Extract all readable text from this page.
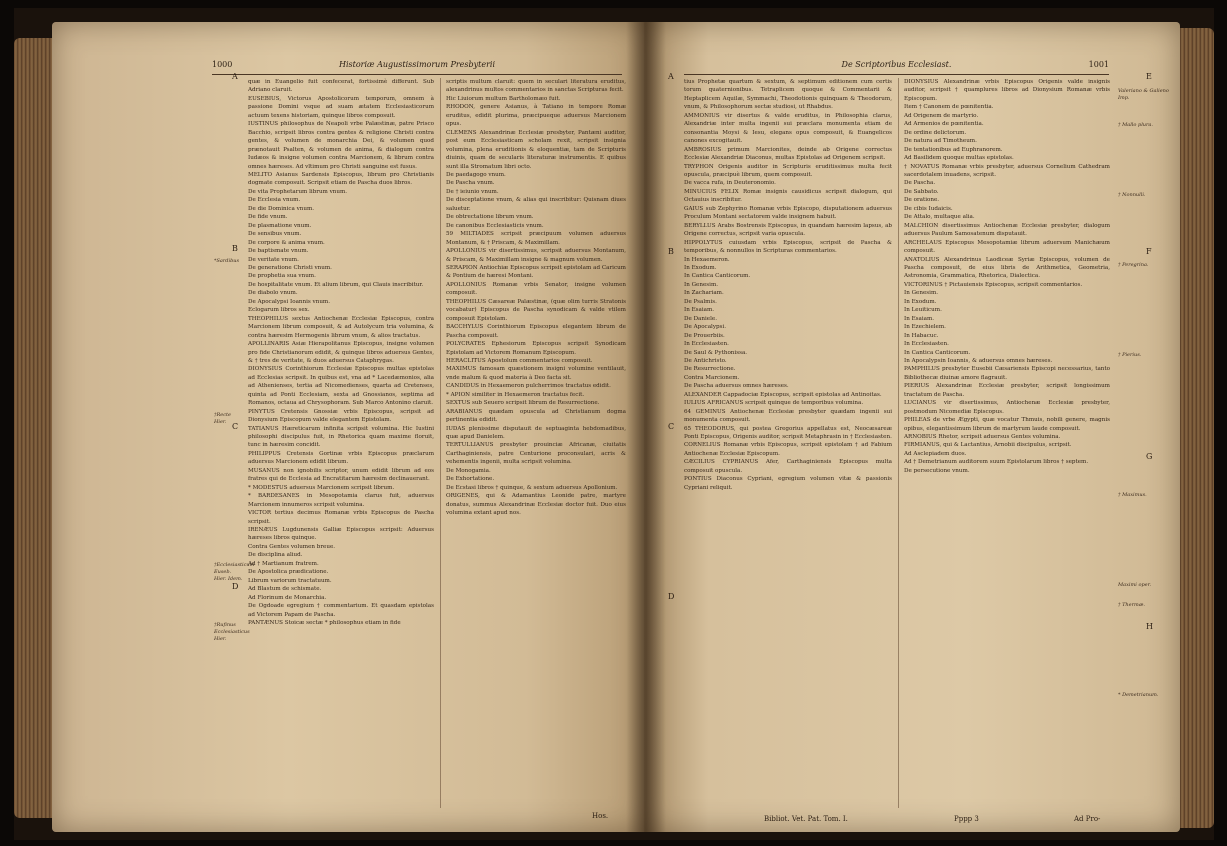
1000	Historiæ Augustissimorum Presbyterii
A
B
C
D
*Sardibus
†Recte Hier.
†Ecclesiasticum Euseb. Hier. Idem.
†Rufinus Ecclesiasticus Hier.

quæ in Euangelio fuit confecerat, fortissimè differunt. Sub Adriano claruit.

EUSEBIUS, Victorus Apostolicorum temporum, omnem à passione Domini vsque ad suam ætatem Ecclesiasticorum actuum texens historiam, quinque libros composuit.

IUSTINUS philosophus de Neapoli vrbe Palæstinæ, patre Prisco Bacchio, scripsit libros contra gentes & religione Christi contra gentes, & volumen de monarchia Dei, & volumen quod prænotauit Psalten, & volumen de anima, & dialogum contra Iudæos & insigne volumen contra Marcionem, & librum contra omnes hæreses. Ad vltimum pro Christi sanguine est fusus.

MELITO Asianus Sardensis Episcopus, librum pro Christianis dogmate composuit. Scripsit etiam de Pascha duos libros.

De vita Prophetarum librum vnum.

De Ecclesia vnum.

De die Dominica vnum.

De fide vnum.

De plasmatione vnum.

De sensibus vnum.

De corpore & anima vnum.

De baptismate vnum.

De veritate vnum.

De generatione Christi vnum.

De prophetia sua vnum.

De hospitalitate vnum. Et alium librum, qui Clauis inscribitur.

De diabolo vnum.

De Apocalypsi Ioannis vnum.

Eclogarum libros sex.

THEOPHILUS sextus Antiochenæ Ecclesiæ Episcopus, contra Marcionem librum composuit, & ad Autolycum tria volumina, & contra hæresim Hermogenis librum vnum, & alios tractatus.

APOLLINARIS Asiæ Hierapolitanus Episcopus, insigne volumen pro fide Christianorum edidit, & quinque libros aduersus Gentes, & † tres de veritate, & duos aduersus Cataphrygas.

DIONYSIUS Corinthiorum Ecclesiæ Episcopus multas epistolas ad Ecclesias scripsit. In quibus est, vna ad * Lacedæmonios, alia ad Athenienses, tertia ad Nicomedienses, quarta ad Cretenses, quinta ad Ponti Ecclesiam, sexta ad Gnossianos, septima ad Romanos, octaua ad Chrysophoram. Sub Marco Antonino claruit.

PINYTUS Cretensis Gnossiæ vrbis Episcopus, scripsit ad Dionysium Episcopum valde elegantem Epistolam.

TATIANUS Hæreticarum infinita scripsit volumina. Hic Iustini philosophi discipulus fuit, in Rhetorica quam maxime floruit, tunc in hæresim concidit.

PHILIPPUS Cretensis Gortinæ vrbis Episcopus præclarum aduersus Marcionem edidit librum.

MUSANUS non ignobilis scriptor, unum edidit librum ad eos fratres qui de Ecclesia ad Encratitarum hæresim declinauerant.

* MODESTUS aduersus Marcionem scripsit librum.

* BARDESANES in Mesopotamia clarus fuit, aduersus Marcionem innumeros scripsit volumina.

VICTOR tertius decimus Romanæ vrbis Episcopus de Pascha scripsit.

IRENÆUS Lugdunensis Galliæ Episcopus scripsit: Aduersus hæreses libros quinque.

Contra Gentes volumen breue.

De disciplina aliud.

Ad † Martianum fratrem.

De Apostolica prædicatione.

Librum variorum tractatuum.

Ad Blastum de schismate.

Ad Florinum de Monarchia.

De Ogdoade egregium † commentarium. Et quasdam epistolas ad Victorem Papam de Pascha.

PANTÆNUS Stoicæ sectæ * philosophus etiam in fide

scriptis multum claruit: quem in seculari literatura eruditus, alexandrinus multos commentarios in sanctas Scripturas fecit.

Hic Liuiorum multum Bartholomæo fuit.

RHODON, genere Asianus, à Tatiano in tempore Romæ eruditus, edidit plurima, præcipueque aduersus Marcionem opus.

CLEMENS Alexandrinæ Ecclesiæ presbyter, Pantæni auditor, post eum Ecclesiasticam scholam rexit, scripsit insignia volumina, plena eruditionis & eloquentiæ, tam de Scripturis diuinis, quam de secularis literaturæ instrumentis. E quibus sunt illa Stromatum libri octo.

De paedagogo vnum.

De Pascha vnum.

De † ieiunio vnum.

De disceptatione vnum, & alias qui inscribitur: Quisnam diues saluetur.

De obtrectatione librum vnum.

De canonibus Ecclesiasticis vnum.

59 MILTIADES scripsit præcipuum volumen aduersus Montanum, & † Priscam, & Maximillam.

APOLLONIUS vir disertissimus, scripsit aduersus Montanum, & Priscam, & Maximillam insigne & magnum volumen.

SERAPION Antiochiæ Episcopus scripsit epistolam ad Caricum & Pontium de hæresi Montani.

APOLLONIUS Romanæ vrbis Senator, insigne volumen composuit.

THEOPHILUS Cæsareæ Palæstinæ, (quæ olim turris Stratonis vocabatur) Episcopus de Pascha synodicam & valde vtilem composuit Epistolam.

BACCHYLUS Corinthiorum Episcopus elegantem librum de Pascha composuit.

POLYCRATES Ephesiorum Episcopus scripsit Synodicam Epistolam ad Victorem Romanum Episcopum.

HERACLITUS Apostolum commentarios composuit.

MAXIMUS famosam quæstionem insigni volumine ventilauit, vnde malum & quod materia à Deo facta sit.

CANDIDUS in Hexaemeron pulcherrimos tractatus edidit.

* APION similiter in Hexaemeron tractatus fecit.

SEXTUS sub Seuero scripsit librum de Resurrectione.

ARABIANUS quædam opuscula ad Christianum dogma pertinentia edidit.

IUDAS plenissime disputauit de septuaginta hebdomadibus, quæ apud Danielem.

TERTULLIANUS presbyter prouinciæ Africanæ, ciuitatis Carthaginiensis, patre Centurione proconsulari, acris & vehementis ingenii, multa scripsit volumina.

De Monogamia.

De Exhortatione.

De Ecstasi libros † quinque, & sextum aduersus Apollonium.

ORIGENES, qui & Adamantius Leonide patre, martyre donatus, summus Alexandrinæ Ecclesiæ doctor fuit. Duo eius volumina extant apud nos.

Hos.
De Scriptoribus Ecclesiast.	1001
A
B
C
D
E
F
G
H
Valeriano & Galieno Imp.
† Mallo plura.
† Nonnulli.
† Peregrina.
† Pierius.
† Maximus.
† Thermæ.
Maximi oper.
* Demetrianum.

tius Prophetæ quartum & sextum, & septimum editionem cum certis torum quaternionibus. Tetraplicem quoque & Commentarii & Heptaplicem Aquilæ, Symmachi, Theodotionis quinquam & Theodorum, vnum, & Philosophorum sectæ studiosi, ut Rhabdus.

AMMONIUS vir disertus & valde eruditus, in Philosophia clarus, Alexandriæ inter multa ingenii sui præclara monumenta etiam de consonantia Moysi & Iesu, elegans opus composuit, & Euangelicos canones excogitauit.

AMBROSIUS primum Marcionites, deinde ab Origene correctus Ecclesiæ Alexandriæ Diaconus, multas Epistolas ad Origenem scripsit.

TRYPHON Origenis auditor in Scripturis eruditissimus multa fecit opuscula, præcipuè librum, quem composuit.

De vacca rufa, in Deuteronomio.

MINUCIUS FELIX Romæ insignis causidicus scripsit dialogum, qui Octauius inscribitur.

GAIUS sub Zephyrino Romanæ vrbis Episcopo, disputationem aduersus Proculum Montani sectatorem valde insignem habuit.

BERYLLUS Arabs Bostrensis Episcopus, in quandam hæresim lapsus, ab Origene correctus, scripsit varia opuscula.

HIPPOLYTUS cuiusdam vrbis Episcopus, scripsit de Pascha & temporibus, & nonnullos in Scripturas commentarios.

In Hexaemeron.

In Exodum.

In Cantica Canticorum.

In Genesim.

In Zachariam.

De Psalmis.

In Esaiam.

De Daniele.

De Apocalypsi.

De Prouerbiis.

In Ecclesiasten.

De Saul & Pythonissa.

De Antichristo.

De Resurrectione.

Contra Marcionem.

De Pascha aduersus omnes hæreses.

ALEXANDER Cappadociæ Episcopus, scripsit epistolas ad Antinoitas.

IULIUS AFRICANUS scripsit quinque de temporibus volumina.

64 GEMINUS Antiochenæ Ecclesiæ presbyter quædam ingenii sui monumenta composuit.

65 THEODORUS, qui postea Gregorius appellatus est, Neocæsareæ Ponti Episcopus, Origenis auditor, scripsit Metaphrasin in † Ecclesiasten.

CORNELIUS Romanæ vrbis Episcopus, scripsit epistolam † ad Fabium Antiochenæ Ecclesiæ Episcopum.

CÆCILIUS CYPRIANUS Afer, Carthaginiensis Episcopus multa composuit opuscula.

PONTIUS Diaconus Cypriani, egregium volumen vitæ & passionis Cypriani reliquit.

DIONYSIUS Alexandrinæ vrbis Episcopus Origenis valde insignis auditor, scripsit † quamplures libros ad Dionysium Romanæ vrbis Episcopum.

Item † Canonem de pœnitentia.

Ad Origenem de martyrio.

Ad Armenios de pœnitentia.

De ordine delictorum.

De natura ad Timotheum.

De tentationibus ad Euphranorem.

Ad Basilidem quoque multas epistolas.

† NOVATUS Romanæ vrbis presbyter, aduersus Cornelium Cathedram sacerdotalem inuadens, scripsit.

De Pascha.

De Sabbato.

De oratione.

De cibis Iudaicis.

De Attalo, multaque alia.

MALCHION disertissimus Antiochenæ Ecclesiæ presbyter, dialogum aduersus Paulum Samosatenum disputauit.

ARCHELAUS Episcopus Mesopotamiæ librum aduersum Manichæum composuit.

ANATOLIUS Alexandrinus Laodiceæ Syriæ Episcopus, volumen de Pascha composuit, de eius libris de Arithmetica, Geometria, Astronomia, Grammatica, Rhetorica, Dialectica.

VICTORINUS † Pictauiensis Episcopus, scripsit commentarios.

In Genesim.

In Exodum.

In Leuiticum.

In Esaiam.

In Ezechielem.

In Habacuc.

In Ecclesiasten.

In Cantica Canticorum.

In Apocalypsin Ioannis, & aduersus omnes hæreses.

PAMPHILUS presbyter Eusebii Cæsariensis Episcopi necessarius, tanto Bibliothecæ diuinæ amore flagrauit.

PIERIUS Alexandrinæ Ecclesiæ presbyter, scripsit longissimum tractatum de Pascha.

LUCIANUS vir disertissimus, Antiochenæ Ecclesiæ presbyter, postmodum Nicomediæ Episcopus.

PHILEAS de vrbe Ægypti, quæ vocatur Thmuis, nobili genere, magnis opibus, elegantissimum librum de martyrum laude composuit.

ARNOBIUS Rhetor, scripsit aduersus Gentes volumina.

FIRMIANUS, qui & Lactantius, Arnobii discipulus, scripsit.

Ad Asclepiadem duos.

Ad † Demetrianum auditorem suum Epistolarum libros † septem.

De persecutione vnum.

Bibliot. Vet. Pat. Tom. I.	Pppp 3	Ad Pro-
